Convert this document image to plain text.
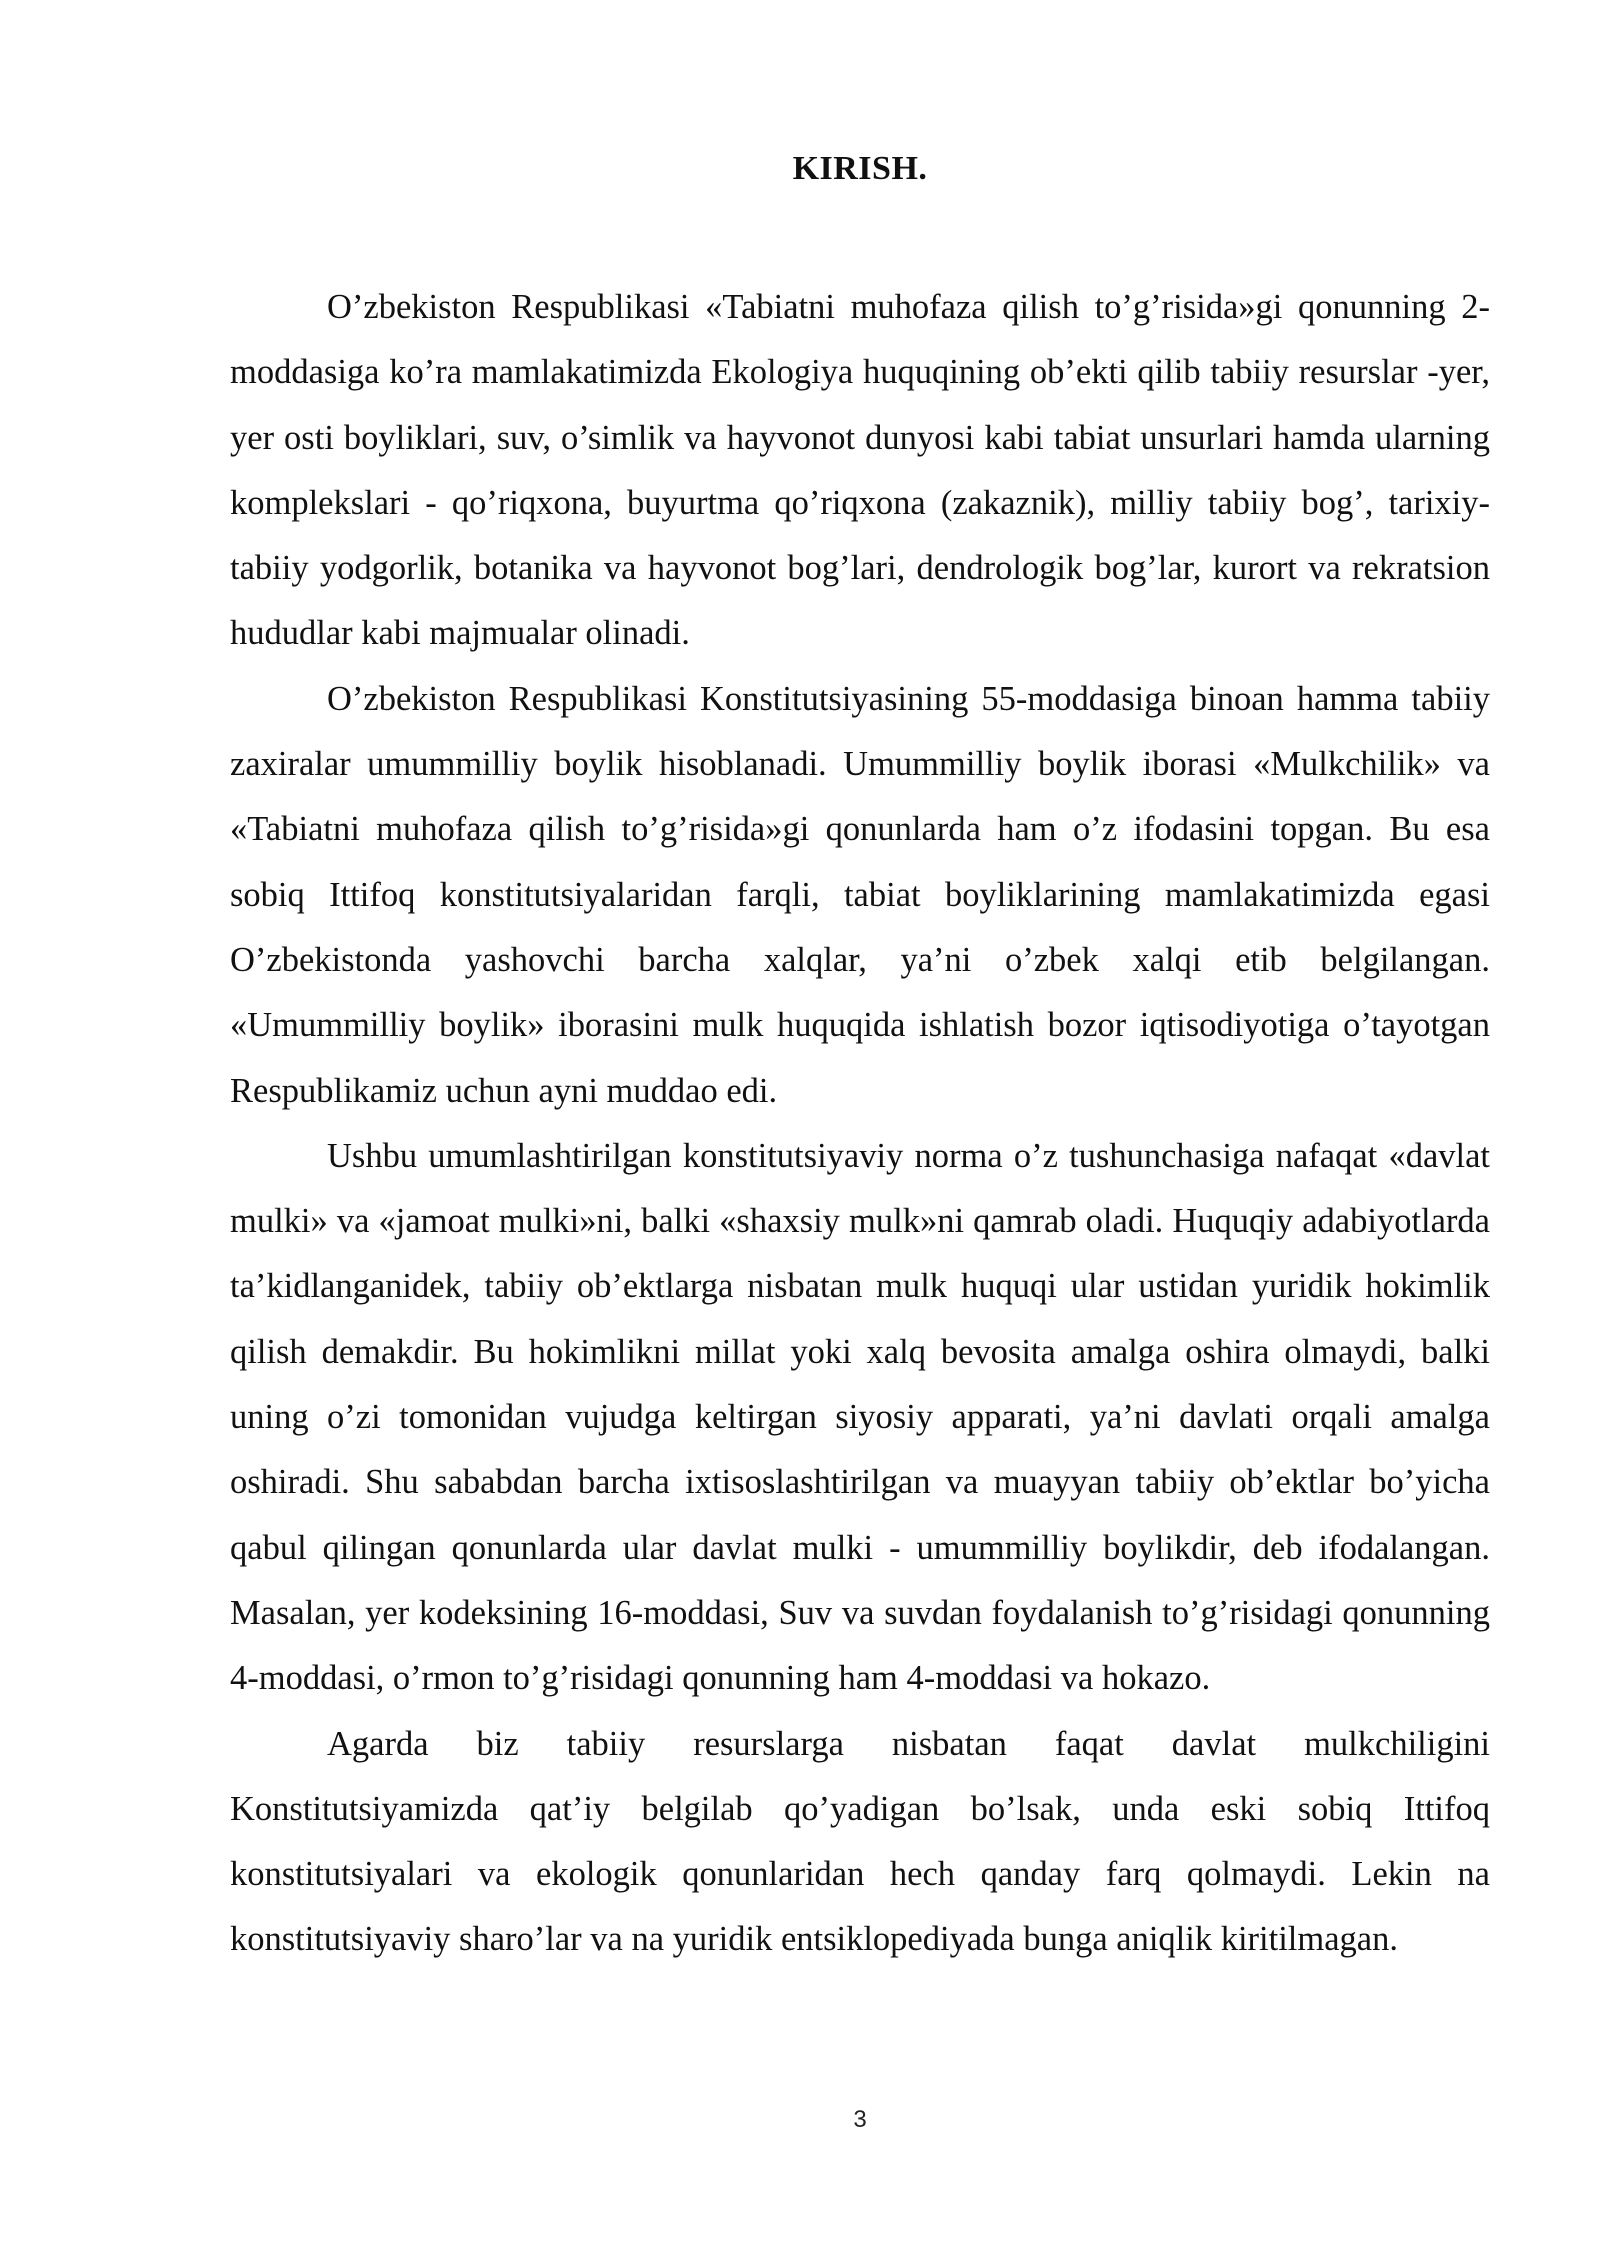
KIRISH.

O’zbekiston Respublikasi «Tabiatni muhofaza qilish to’g’risida»gi qonunning 2-moddasiga ko’ra mamlakatimizda Ekologiya huquqining ob’ekti qilib tabiiy resurslar -yer, yer osti boyliklari, suv, o’simlik va hayvonot dunyosi kabi tabiat unsurlari hamda ularning komplekslari - qo’riqxona, buyurtma qo’riqxona (zakaznik), milliy tabiiy bog’, tarixiy-tabiiy yodgorlik, botanika va hayvonot bog’lari, dendrologik bog’lar, kurort va rekratsion hududlar kabi majmualar olinadi.

O’zbekiston Respublikasi Konstitutsiyasining 55-moddasiga binoan hamma tabiiy zaxiralar umummilliy boylik hisoblanadi. Umummilliy boylik iborasi «Mulkchilik» va «Tabiatni muhofaza qilish to’g’risida»gi qonunlarda ham o’z ifodasini topgan. Bu esa sobiq Ittifoq konstitutsiyalaridan farqli, tabiat boyliklarining mamlakatimizda egasi O’zbekistonda yashovchi barcha xalqlar, ya’ni o’zbek xalqi etib belgilangan. «Umummilliy boylik» iborasini mulk huquqida ishlatish bozor iqtisodiyotiga o’tayotgan Respublikamiz uchun ayni muddao edi.

Ushbu umumlashtirilgan konstitutsiyaviy norma o’z tushunchasiga nafaqat «davlat mulki» va «jamoat mulki»ni, balki «shaxsiy mulk»ni qamrab oladi. Huquqiy adabiyotlarda ta’kidlanganidek, tabiiy ob’ektlarga nisbatan mulk huquqi ular ustidan yuridik hokimlik qilish demakdir. Bu hokimlikni millat yoki xalq bevosita amalga oshira olmaydi, balki uning o’zi tomonidan vujudga keltirgan siyosiy apparati, ya’ni davlati orqali amalga oshiradi. Shu sababdan barcha ixtisoslashtirilgan va muayyan tabiiy ob’ektlar bo’yicha qabul qilingan qonunlarda ular davlat mulki - umummilliy boylikdir, deb ifodalangan. Masalan, yer kodeksining 16-moddasi, Suv va suvdan foydalanish to’g’risidagi qonunning 4-moddasi, o’rmon to’g’risidagi qonunning ham 4-moddasi va hokazo.

Agarda biz tabiiy resurslarga nisbatan faqat davlat mulkchiligini Konstitutsiyamizda qat’iy belgilab qo’yadigan bo’lsak, unda eski sobiq Ittifoq konstitutsiyalari va ekologik qonunlaridan hech qanday farq qolmaydi. Lekin na konstitutsiyaviy sharo’lar va na yuridik entsiklopediyada bunga aniqlik kiritilmagan.

3
